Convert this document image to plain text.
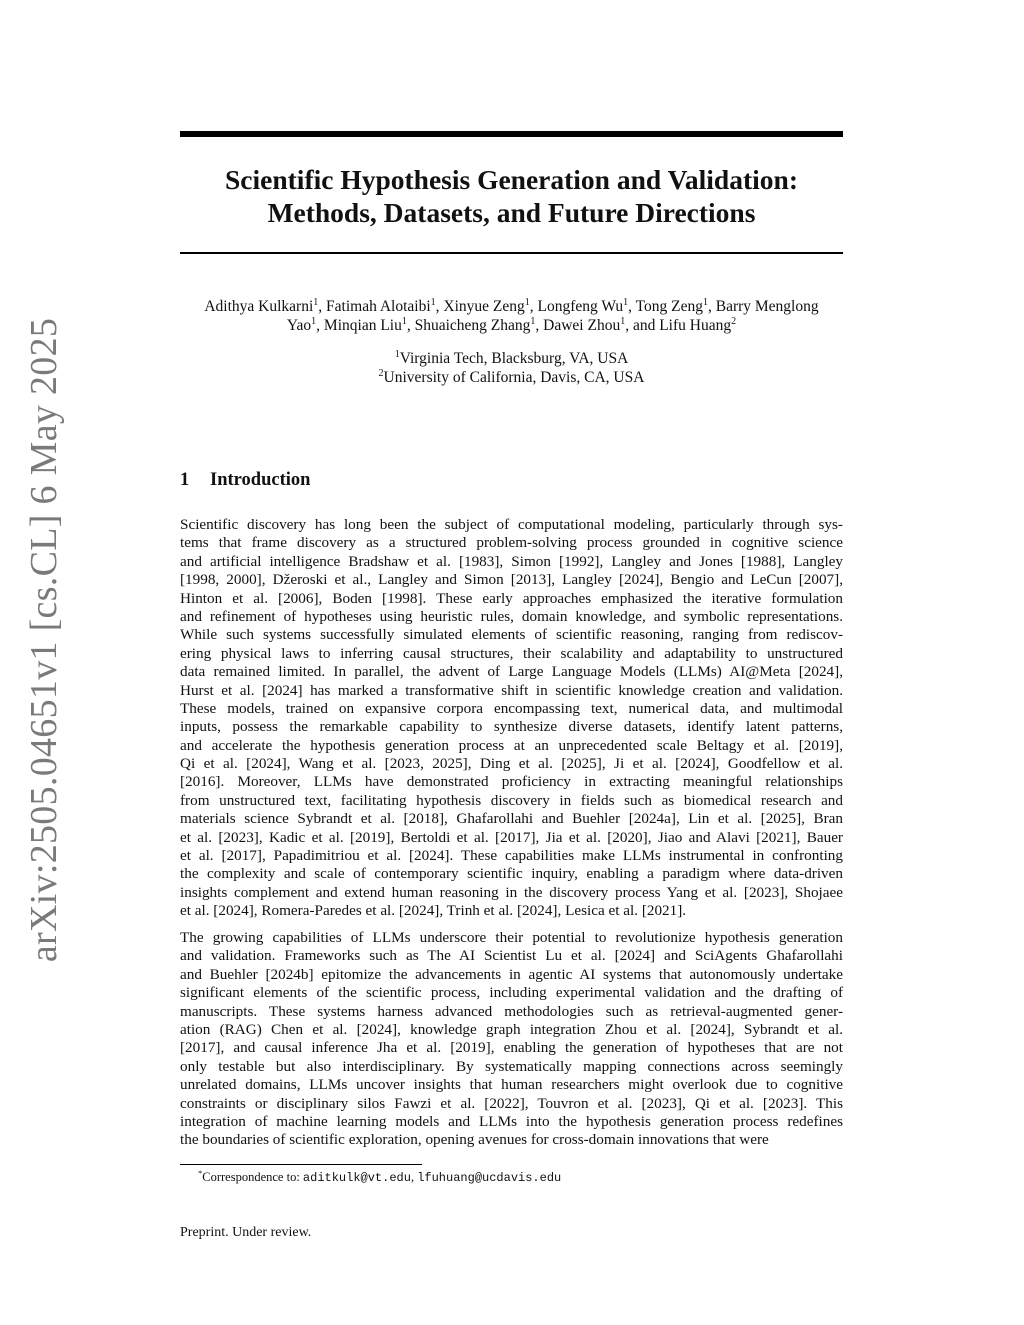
arXiv:2505.04651v1 [cs.CL] 6 May 2025
Scientific Hypothesis Generation and Validation:
Methods, Datasets, and Future Directions
Adithya Kulkarni$^1$, Fatimah Alotaibi$^1$, Xinyue Zeng$^1$, Longfeng Wu$^1$, Tong Zeng$^1$, Barry Menglong
Yao$^1$, Minqian Liu$^1$, Shuaicheng Zhang$^1$, Dawei Zhou$^1$, and Lifu Huang$^2$
$^1$Virginia Tech, Blacksburg, VA, USA
$^2$University of California, Davis, CA, USA
1 Introduction

Scientific discovery has long been the subject of computational modeling, particularly through sys-
tems that frame discovery as a structured problem-solving process grounded in cognitive science
and artificial intelligence Bradshaw et al. [1983], Simon [1992], Langley and Jones [1988], Langley
[1998, 2000], Džeroski et al., Langley and Simon [2013], Langley [2024], Bengio and LeCun [2007],
Hinton et al. [2006], Boden [1998]. These early approaches emphasized the iterative formulation
and refinement of hypotheses using heuristic rules, domain knowledge, and symbolic representations.
While such systems successfully simulated elements of scientific reasoning, ranging from rediscov-
ering physical laws to inferring causal structures, their scalability and adaptability to unstructured
data remained limited. In parallel, the advent of Large Language Models (LLMs) AI@Meta [2024],
Hurst et al. [2024] has marked a transformative shift in scientific knowledge creation and validation.
These models, trained on expansive corpora encompassing text, numerical data, and multimodal
inputs, possess the remarkable capability to synthesize diverse datasets, identify latent patterns,
and accelerate the hypothesis generation process at an unprecedented scale Beltagy et al. [2019],
Qi et al. [2024], Wang et al. [2023, 2025], Ding et al. [2025], Ji et al. [2024], Goodfellow et al.
[2016]. Moreover, LLMs have demonstrated proficiency in extracting meaningful relationships
from unstructured text, facilitating hypothesis discovery in fields such as biomedical research and
materials science Sybrandt et al. [2018], Ghafarollahi and Buehler [2024a], Lin et al. [2025], Bran
et al. [2023], Kadic et al. [2019], Bertoldi et al. [2017], Jia et al. [2020], Jiao and Alavi [2021], Bauer
et al. [2017], Papadimitriou et al. [2024]. These capabilities make LLMs instrumental in confronting
the complexity and scale of contemporary scientific inquiry, enabling a paradigm where data-driven
insights complement and extend human reasoning in the discovery process Yang et al. [2023], Shojaee
et al. [2024], Romera-Paredes et al. [2024], Trinh et al. [2024], Lesica et al. [2021].

The growing capabilities of LLMs underscore their potential to revolutionize hypothesis generation
and validation. Frameworks such as The AI Scientist Lu et al. [2024] and SciAgents Ghafarollahi
and Buehler [2024b] epitomize the advancements in agentic AI systems that autonomously undertake
significant elements of the scientific process, including experimental validation and the drafting of
manuscripts. These systems harness advanced methodologies such as retrieval-augmented gener-
ation (RAG) Chen et al. [2024], knowledge graph integration Zhou et al. [2024], Sybrandt et al.
[2017], and causal inference Jha et al. [2019], enabling the generation of hypotheses that are not
only testable but also interdisciplinary. By systematically mapping connections across seemingly
unrelated domains, LLMs uncover insights that human researchers might overlook due to cognitive
constraints or disciplinary silos Fawzi et al. [2022], Touvron et al. [2023], Qi et al. [2023]. This
integration of machine learning models and LLMs into the hypothesis generation process redefines
the boundaries of scientific exploration, opening avenues for cross-domain innovations that were

*Correspondence to: aditkulk@vt.edu, lfuhuang@ucdavis.edu
Preprint. Under review.
